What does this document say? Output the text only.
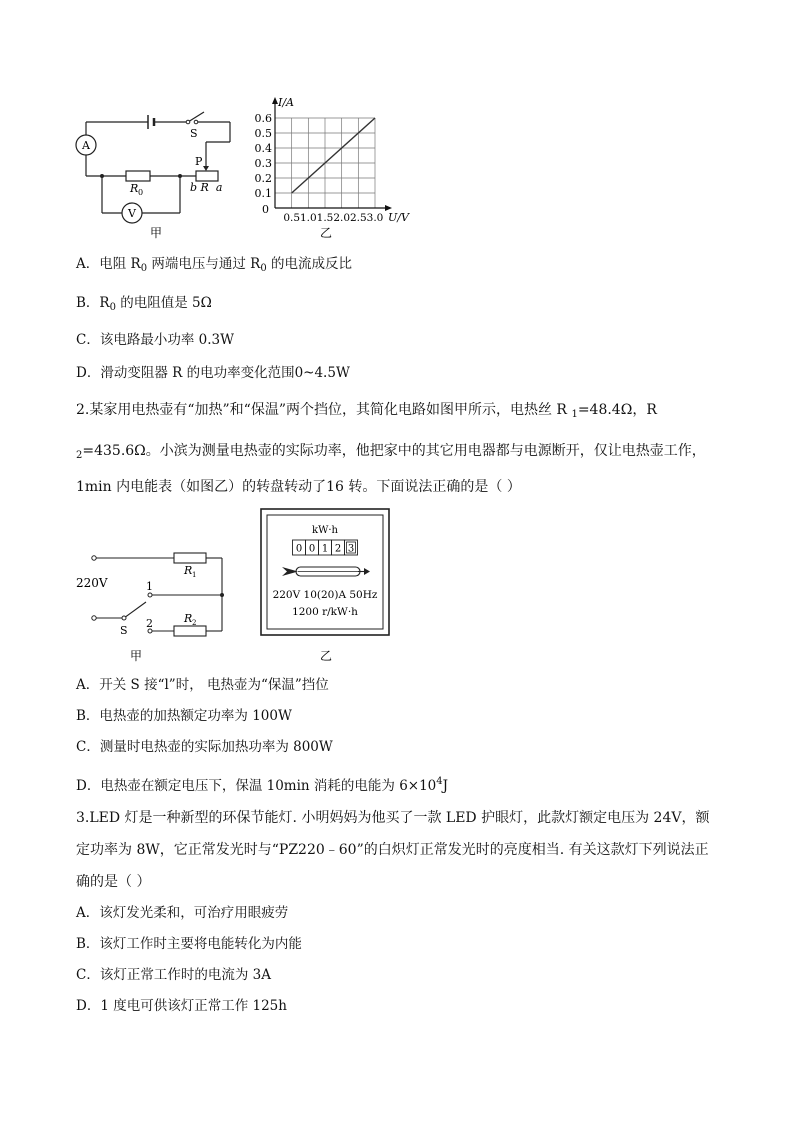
A
V
S
P
R 0	b R  a
甲
0.6
0.5
0.4
0.3
0.2
0.1
0.5 1.0 1.5 2.0 2.5 3.0
0
I/A
U/V
乙
A．电阻 $R_0$ 两端电压与通过 $R_0$ 的电流成反比
B．$R_0$ 的电阻值是 5Ω
C．该电路最小功率 0.3W
D．滑动变阻器 R 的电功率变化范围0~4.5W
2.某家用电热壶有“加热”和“保温”两个挡位，其简化电路如图甲所示，电热丝 R $_1$=48.4Ω，R
$_2$=435.6Ω。小滨为测量电热壶的实际功率，他把家中的其它用电器都与电源断开，仅让电热壶工作，
1min 内电能表（如图乙）的转盘转动了16 转。下面说法正确的是（ ）
220V
R 1
R 2
1
2
S
甲
kW·h
0 0 1 2 3
220V 10(20)A 50Hz
1200 r/kW·h
乙
A．开关 S 接“l”时， 电热壶为“保温”挡位
B．电热壶的加热额定功率为 100W
C．测量时电热壶的实际加热功率为 800W
D．电热壶在额定电压下，保温 10min 消耗的电能为 $6\times 10^4J$
3.LED 灯是一种新型的环保节能灯. 小明妈妈为他买了一款 LED 护眼灯，此款灯额定电压为 24V，额
定功率为 8W，它正常发光时与“PZ220﹣60”的白炽灯正常发光时的亮度相当. 有关这款灯下列说法正
确的是（ ）
A．该灯发光柔和，可治疗用眼疲劳
B．该灯工作时主要将电能转化为内能
C．该灯正常工作时的电流为 3A
D．1 度电可供该灯正常工作 125h
